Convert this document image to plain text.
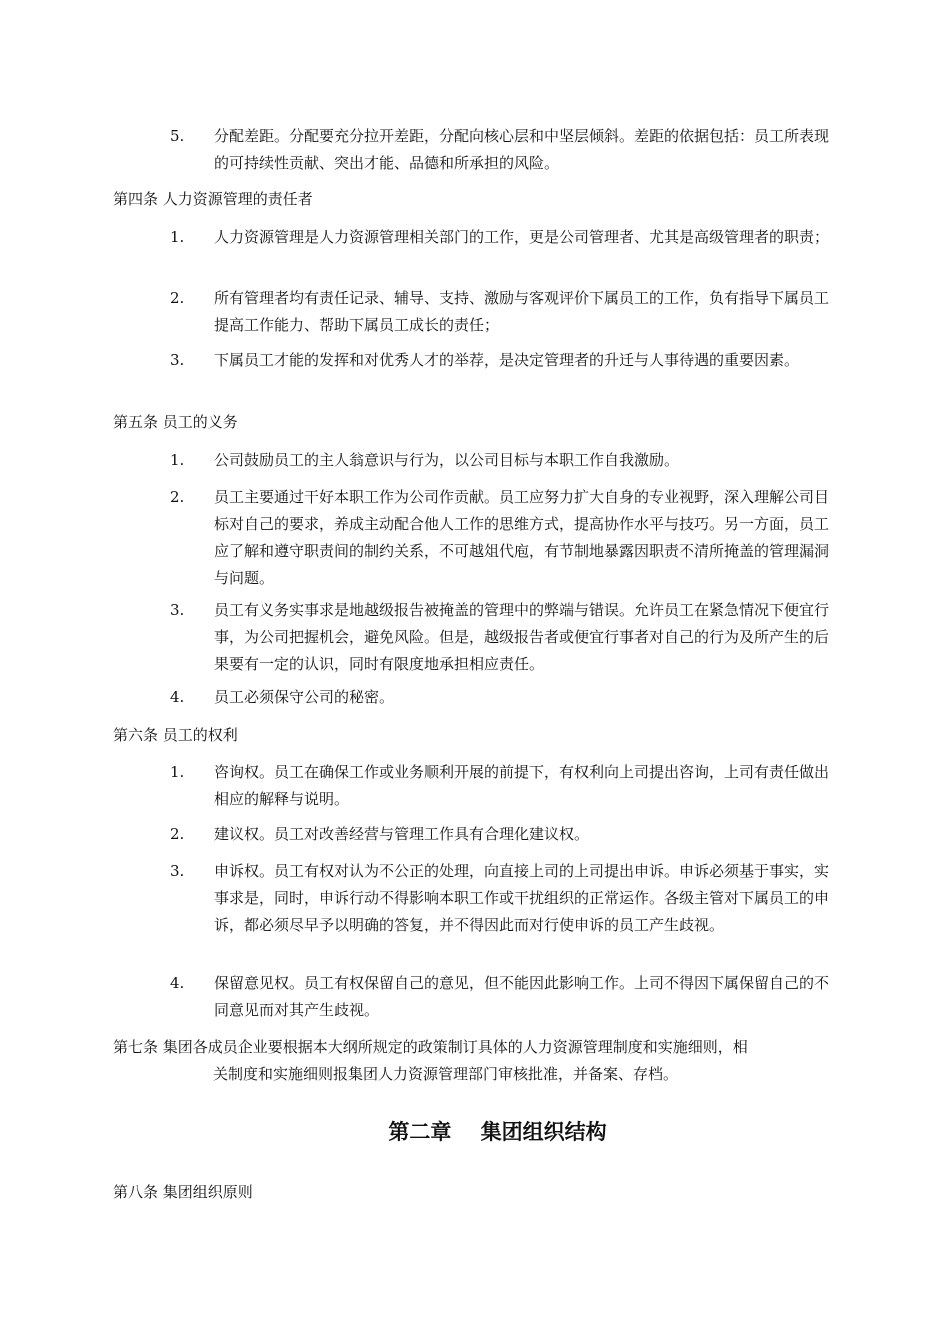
5. 分配差距。分配要充分拉开差距，分配向核心层和中坚层倾斜。差距的依据包括：员工所表现的可持续性贡献、突出才能、品德和所承担的风险。
第四条 人力资源管理的责任者
1. 人力资源管理是人力资源管理相关部门的工作，更是公司管理者、尤其是高级管理者的职责；
2. 所有管理者均有责任记录、辅导、支持、激励与客观评价下属员工的工作，负有指导下属员工提高工作能力、帮助下属员工成长的责任；
3. 下属员工才能的发挥和对优秀人才的举荐，是决定管理者的升迁与人事待遇的重要因素。
第五条 员工的义务
1. 公司鼓励员工的主人翁意识与行为，以公司目标与本职工作自我激励。
2. 员工主要通过干好本职工作为公司作贡献。员工应努力扩大自身的专业视野，深入理解公司目标对自己的要求，养成主动配合他人工作的思维方式，提高协作水平与技巧。另一方面，员工应了解和遵守职责间的制约关系，不可越俎代庖，有节制地暴露因职责不清所掩盖的管理漏洞与问题。
3. 员工有义务实事求是地越级报告被掩盖的管理中的弊端与错误。允许员工在紧急情况下便宜行事，为公司把握机会，避免风险。但是，越级报告者或便宜行事者对自己的行为及所产生的后果要有一定的认识，同时有限度地承担相应责任。
4. 员工必须保守公司的秘密。
第六条 员工的权利
1. 咨询权。员工在确保工作或业务顺利开展的前提下，有权利向上司提出咨询，上司有责任做出相应的解释与说明。
2. 建议权。员工对改善经营与管理工作具有合理化建议权。
3. 申诉权。员工有权对认为不公正的处理，向直接上司的上司提出申诉。申诉必须基于事实，实事求是，同时，申诉行动不得影响本职工作或干扰组织的正常运作。各级主管对下属员工的申诉，都必须尽早予以明确的答复，并不得因此而对行使申诉的员工产生歧视。
4. 保留意见权。员工有权保留自己的意见，但不能因此影响工作。上司不得因下属保留自己的不同意见而对其产生歧视。
第七条 集团各成员企业要根据本大纲所规定的政策制订具体的人力资源管理制度和实施细则，相
关制度和实施细则报集团人力资源管理部门审核批准，并备案、存档。
第二章    集团组织结构
第八条 集团组织原则
